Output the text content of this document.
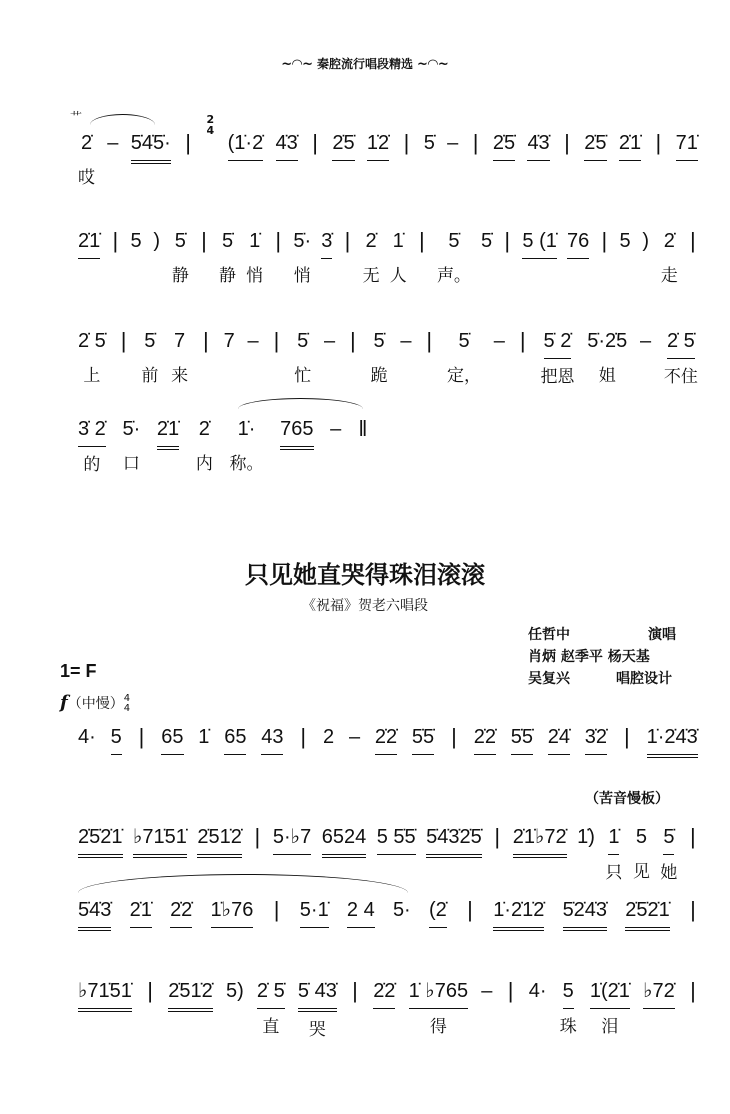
~◠~ 秦腔流行唱段精选 ~◠~
艹
2̇
哎
– 5̇4̇5̇· |
2
4
(1̇·2̇ 4̇3̇ | 2̇5̇ 1̇2̇ | 5̇ – | 2̇5̇ 4̇3̇ | 2̇5̇ 2̇1̇ | 71̇
2̇1̇ | 5 ) 5̇
静
| 5̇
静
1̇
悄
| 5̇·
悄
3̇ | 2̇
无
1̇
人
| 5̇
声。
5̇ | 5 (1̇ 76 | 5 ) 2̇
走
|
2̇ 5̇
上
| 5̇
前
7
来
| 7 – | 5̇
忙
– | 5̇
跪
– | 5̇
定，
– | 5̇ 2̇
把恩
5̇·2̇5
姐
– 2̇ 5̇
不住
3̇ 2̇
的
5̇·
口
2̇1̇ 2̇
内
1̇·
称。
765 – ‖
只见她直哭得珠泪滚滚
《祝福》贺老六唱段
任哲中	演唱
肖炳 赵季平 杨天基
吴复兴	唱腔设计
1= F
f（中慢） 4
4
（苦音慢板）
4· 5 | 65 1̇ 65 43 | 2 – 2̇2̇ 5̇5̇ | 2̇2̇ 5̇5̇ 2̇4̇ 3̇2̇ | 1̇·2̇4̇3̇
2̇5̇2̇1̇ ♭71̇51̇ 2̇51̇2̇ | 5·♭7 6524 5 5̇5̇ 5̇4̇3̇2̇5̇ | 2̇1̇♭72̇ 1̇) 1̇
只
5
见
5̇
她
|
5̇4̇3̇ 2̇1̇ 2̇2̇ 1̇♭76 | 5·1̇ 2 4 5· (2̇ | 1̇·2̇1̇2̇ 5̇2̇4̇3̇ 2̇5̇2̇1̇ |
♭71̇51̇ | 2̇51̇2̇ 5) 2̇ 5̇
直
5̇ 4̇3̇
哭
| 2̇2̇ 1̇ ♭765
得
– | 4· 5
珠
1̇(2̇1̇
泪
♭72̇ |
